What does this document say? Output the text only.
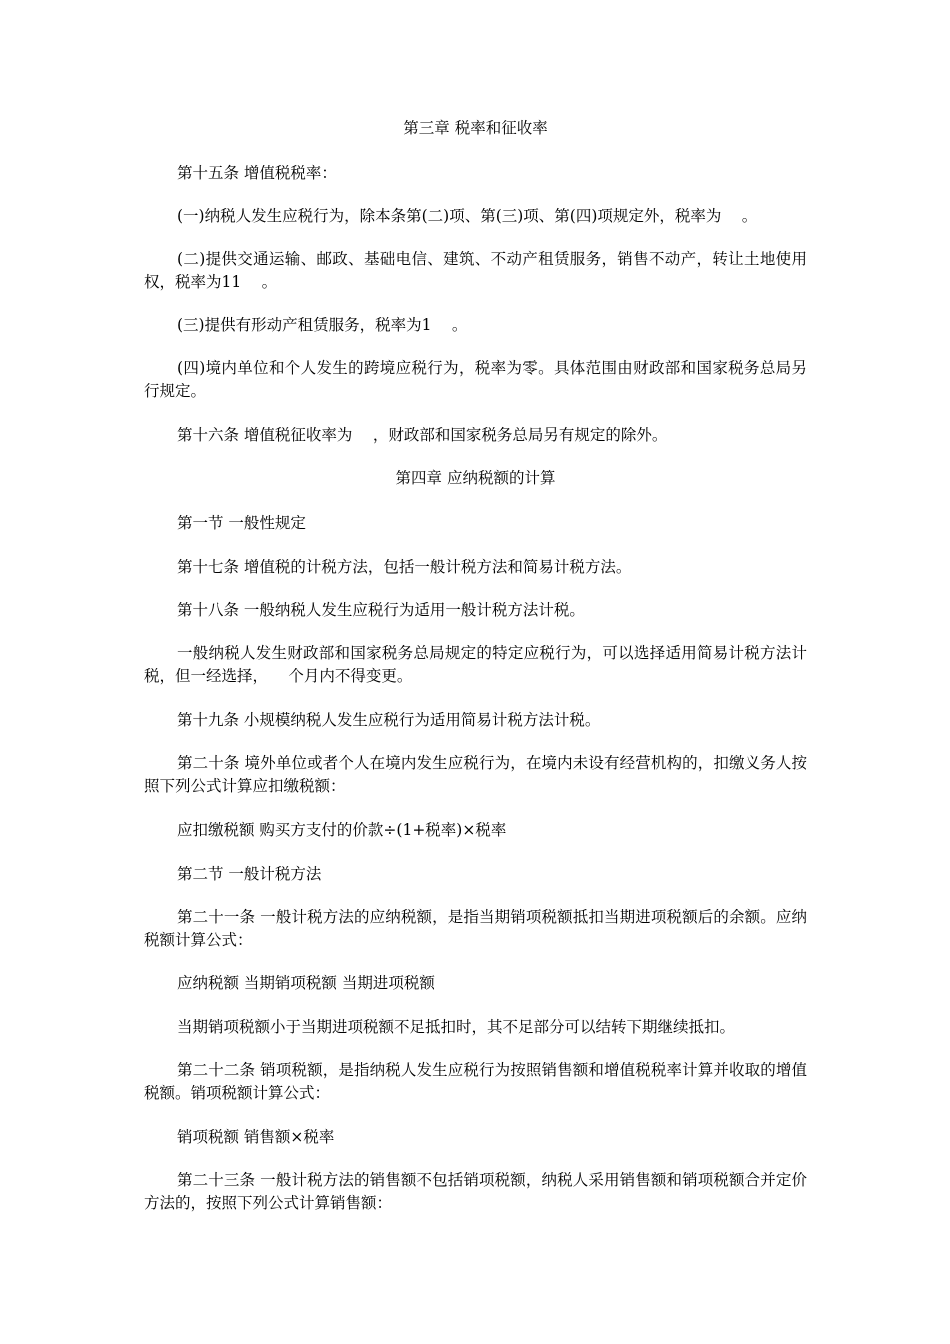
第三章 税率和征收率
第十五条 增值税税率：
(一)纳税人发生应税行为，除本条第(二)项、第(三)项、第(四)项规定外，税率为 　。
(二)提供交通运输、邮政、基础电信、建筑、不动产租赁服务，销售不动产，转让土地使用权，税率为11 　。
(三)提供有形动产租赁服务，税率为1 　。
(四)境内单位和个人发生的跨境应税行为，税率为零。具体范围由财政部和国家税务总局另行规定。
第十六条 增值税征收率为 　，财政部和国家税务总局另有规定的除外。
第四章 应纳税额的计算
第一节 一般性规定
第十七条 增值税的计税方法，包括一般计税方法和简易计税方法。
第十八条 一般纳税人发生应税行为适用一般计税方法计税。
一般纳税人发生财政部和国家税务总局规定的特定应税行为，可以选择适用简易计税方法计税，但一经选择， 　个月内不得变更。
第十九条 小规模纳税人发生应税行为适用简易计税方法计税。
第二十条 境外单位或者个人在境内发生应税行为，在境内未设有经营机构的，扣缴义务人按照下列公式计算应扣缴税额：
应扣缴税额 购买方支付的价款÷(1+税率)×税率
第二节 一般计税方法
第二十一条 一般计税方法的应纳税额，是指当期销项税额抵扣当期进项税额后的余额。应纳税额计算公式：
应纳税额 当期销项税额 当期进项税额
当期销项税额小于当期进项税额不足抵扣时，其不足部分可以结转下期继续抵扣。
第二十二条 销项税额，是指纳税人发生应税行为按照销售额和增值税税率计算并收取的增值税额。销项税额计算公式：
销项税额 销售额×税率
第二十三条 一般计税方法的销售额不包括销项税额，纳税人采用销售额和销项税额合并定价方法的，按照下列公式计算销售额：
